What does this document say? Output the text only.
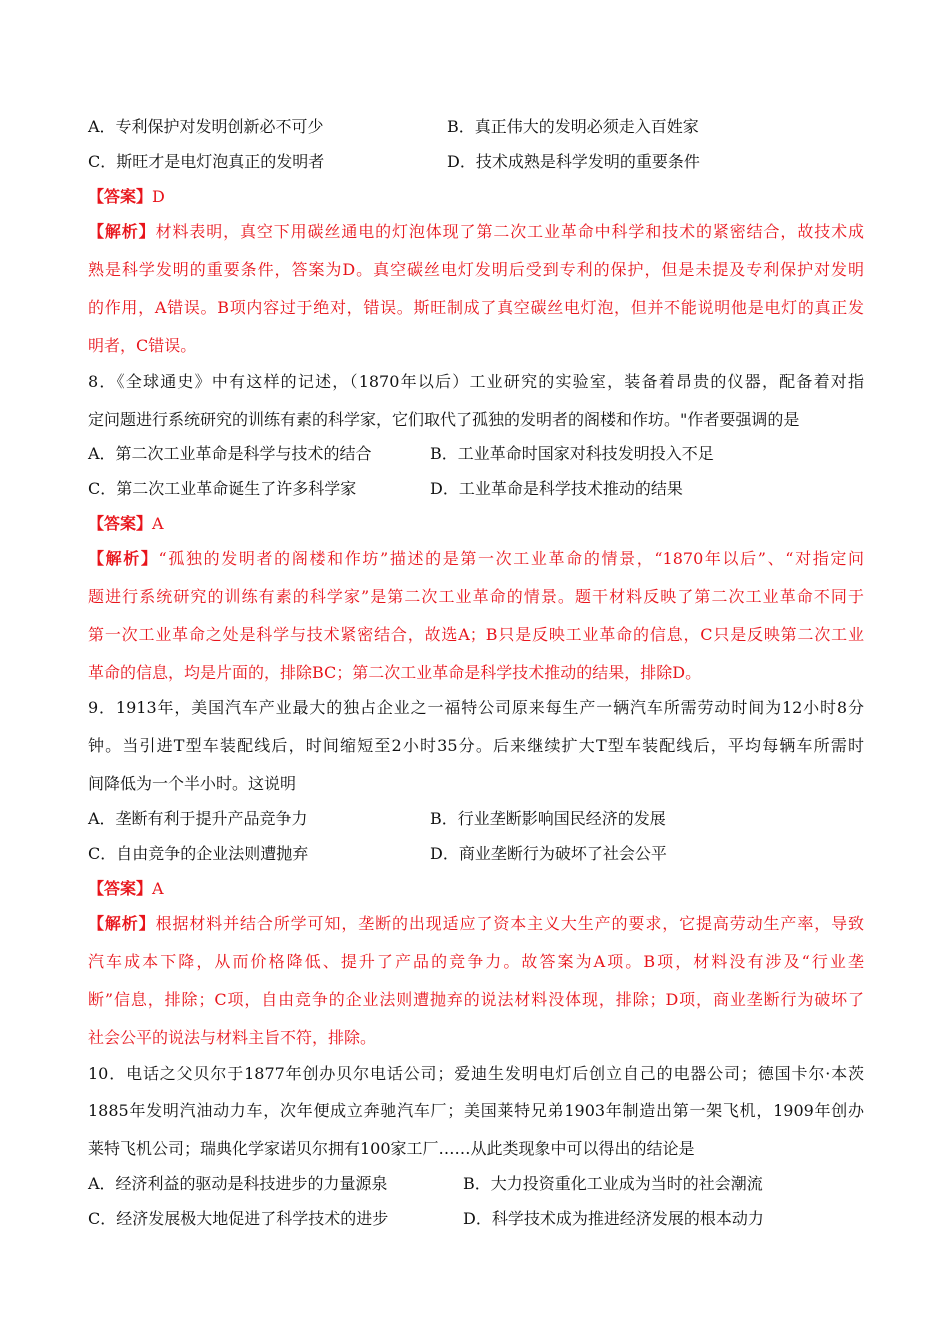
A．专利保护对发明创新必不可少	B．真正伟大的发明必须走入百姓家
C．斯旺才是电灯泡真正的发明者	D．技术成熟是科学发明的重要条件
【答案】D
【解析】材料表明，真空下用碳丝通电的灯泡体现了第二次工业革命中科学和技术的紧密结合，故技术成
熟是科学发明的重要条件，答案为D。真空碳丝电灯发明后受到专利的保护，但是未提及专利保护对发明
的作用，A错误。B项内容过于绝对，错误。斯旺制成了真空碳丝电灯泡，但并不能说明他是电灯的真正发
明者，C错误。
8．《全球通史》中有这样的记述，（1870年以后）工业研究的实验室，装备着昂贵的仪器，配备着对指
定问题进行系统研究的训练有素的科学家，它们取代了孤独的发明者的阁楼和作坊。"作者要强调的是
A．第二次工业革命是科学与技术的结合	B．工业革命时国家对科技发明投入不足
C．第二次工业革命诞生了许多科学家	D．工业革命是科学技术推动的结果
【答案】A
【解析】“孤独的发明者的阁楼和作坊”描述的是第一次工业革命的情景，“1870年以后”、“对指定问
题进行系统研究的训练有素的科学家”是第二次工业革命的情景。题干材料反映了第二次工业革命不同于
第一次工业革命之处是科学与技术紧密结合，故选A；B只是反映工业革命的信息，C只是反映第二次工业
革命的信息，均是片面的，排除BC；第二次工业革命是科学技术推动的结果，排除D。
9．1913年，美国汽车产业最大的独占企业之一福特公司原来每生产一辆汽车所需劳动时间为12小时8分
钟。当引进T型车装配线后，时间缩短至2小时35分。后来继续扩大T型车装配线后，平均每辆车所需时
间降低为一个半小时。这说明
A．垄断有利于提升产品竞争力	B．行业垄断影响国民经济的发展
C．自由竞争的企业法则遭抛弃	D．商业垄断行为破坏了社会公平
【答案】A
【解析】根据材料并结合所学可知，垄断的出现适应了资本主义大生产的要求，它提高劳动生产率，导致
汽车成本下降，从而价格降低、提升了产品的竞争力。故答案为A项。B项，材料没有涉及“行业垄
断”信息，排除；C项，自由竞争的企业法则遭抛弃的说法材料没体现，排除；D项，商业垄断行为破坏了
社会公平的说法与材料主旨不符，排除。
10．电话之父贝尔于1877年创办贝尔电话公司；爱迪生发明电灯后创立自己的电器公司；德国卡尔·本茨
1885年发明汽油动力车，次年便成立奔驰汽车厂；美国莱特兄弟1903年制造出第一架飞机，1909年创办
莱特飞机公司；瑞典化学家诺贝尔拥有100家工厂……从此类现象中可以得出的结论是
A．经济利益的驱动是科技进步的力量源泉	B．大力投资重化工业成为当时的社会潮流
C．经济发展极大地促进了科学技术的进步	D．科学技术成为推进经济发展的根本动力
